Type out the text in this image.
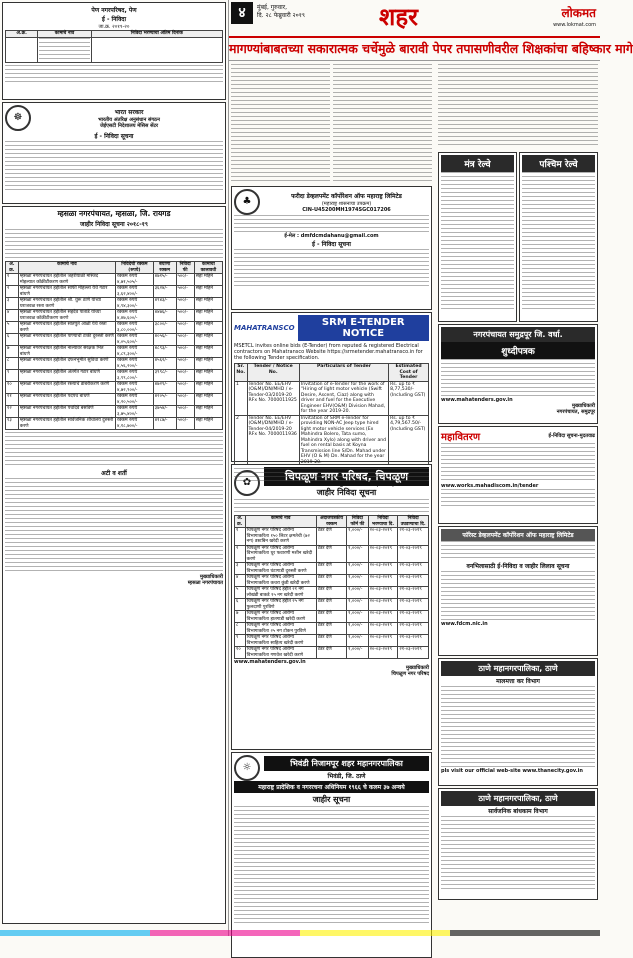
पेण नगरपरिषद, पेण
ई - निविदा
जा.क्र. २०१९-२०
अ.क्र.	कामाचे नाव	निविदा भरण्याचा अंतिम दिनांक

☸	भारत सरकार
भारतीय अंतरिक्ष अनुसंधान संगठन
जेईएसटी निदेशालय मेसिस सेंटर
ई - निविदा सूचना
म्हसळा नगरपंचायत, म्हसळा, जि. रायगड
जाहीर निविदा सूचना २०१८-१९
अ. क्र.	कामाचे नाव	निविदेची रक्कम (रुपये)	बयाणा रक्कम	निविदा फी	कामाचा कालावधी
१	म्हसळा नगरपंचायत हद्दीतील जहरीयाळी मस्जिद मोहल्यात कॉक्रीटीकरण करणे	रक्कम रुपये ४,७१,५०५/-	४७१५/-	५००/-	सहा महिने
२	म्हसळा नगरपंचायत हद्दीतील साफी मोहल्ला येथे गटार बांधणे	रक्कम रुपये ३,६२,४००/-	३६२४/-	५००/-	सहा महिने
३	म्हसळा नगरपंचायत हद्दीतील श्री. धुरू ठाणे यांच्या घराजवळ रस्ता करणे	रक्कम रुपये ४,९४,३००/-	४९४३/-	५००/-	सहा महिने
४	म्हसळा नगरपंचायत हद्दीतील सहदेव पाताडे यांच्या घराजवळ कॉक्रीटीकरण करणे	रक्कम रुपये ४,४७,६००/-	४४७६/-	५००/-	सहा महिने
५	म्हसळा नगरपंचायत हद्दीतील सातपुते आळी येथे रस्ता करणे	रक्कम रुपये ३,८०,०००/-	३८००/-	५००/-	सहा महिने
६	म्हसळा नगरपंचायत हद्दीतील पाण्याची टाकी दुरुस्ती करणे	रक्कम रुपये ४,०५,६००/-	४०५६/-	५००/-	सहा महिने
७	म्हसळा नगरपंचायत हद्दीतील नाल्यावर संरक्षक भिंत बांधणे	रक्कम रुपये ४,८९,३००/-	४८९३/-	५००/-	सहा महिने
८	म्हसळा नगरपंचायत हद्दीतील दफनभूमीत सुविधा करणे	रक्कम रुपये ४,५६,२००/-	४५६२/-	५००/-	सहा महिने
९	म्हसळा नगरपंचायत हद्दीतील अंतर्गत गटार बांधणे	रक्कम रुपये ३,९९,८००/-	३९९८/-	५००/-	सहा महिने
१०	म्हसळा नगरपंचायत हद्दीतील रस्त्याचे डांबरीकरण करणे	रक्कम रुपये ४,७२,९००/-	४७२९/-	५००/-	सहा महिने
११	म्हसळा नगरपंचायत हद्दीतील पदपथ बांधणे	रक्कम रुपये ४,२०,५००/-	४२०५/-	५००/-	सहा महिने
१२	म्हसळा नगरपंचायत हद्दीतील पथदिवे बसविणे	रक्कम रुपये ३,७५,४००/-	३७५४/-	५००/-	सहा महिने
१३	म्हसळा नगरपंचायत हद्दीतील सार्वजनिक शौचालय दुरुस्ती करणे	रक्कम रुपये ४,१८,७००/-	४१८७/-	५००/-	सहा महिने
अटी व शर्ती
मुख्याधिकारी
म्हसळा नगरपंचायत
४	मुंबई, गुरुवार,
दि. २८ फेब्रुवारी २०१९	शहर	लोकमत
www.lokmat.com
मागण्यांबाबतच्या सकारात्मक चर्चेमुळे बारावी पेपर तपासणीवरील शिक्षकांचा बहिष्कार मागे
♣	फरीदा डेव्हलपमेंट कॉर्पोरेशन ऑफ महाराष्ट्र लिमिटेड
(महाराष्ट्र शासनाचा उपक्रम)
CIN-U45200MH1974SGC017206
ई-मेल : dmfdcmdahanu@gmail.com
ई - निविदा सूचना
MAHATRANSCO	SRM E-TENDER NOTICE
MSETCL invites online bids (E-Tender) from reputed & registered Electrical contractors on Mahatransco Website https://srmetender.mahatransco.in for the following Tender specification.
Sr. No.	Tender / Notice No.	Particulars of Tender	Estimated Cost of Tender
1	Tender No. EE/EHV (O&M)/DN/MHD / e-Tender-03/2019-20 RFx No. 7000011925	Invitation of e-Tender for the work of "Hiring of light motor vehicle (Swift Desire, Ascent, Ciaz) along with driver and fuel for the Executive Engineer EHV(O&M) Division Mahad, for the year 2019-20.	Rs. up to ₹ 8,77,530/- (Including GST)
2	Tender No. EE/EHV (O&M)/DN/MHD / e-Tender-04/2019-20 RFx No. 7000011936	Invitation of SRM e-Tender for providing NON-AC Jeep type hired light motor vehicle services (Ex Mahindra Bolero, Tata sumo, Mahindra Xylo) along with driver and fuel on rental basis at Koyna Transmission line S/Dn. Mahad under EHV (O & M) Dn. Mahad for the year 2019-20.	Rs. up to ₹ 4,79,567.50/- (Including GST)
✿	चिपळूण नगर परिषद, चिपळूण
जाहीर निविदा सूचना
अ. क्र.	कामाचे नाव	अंदाजपत्रकीय रक्कम	निविदा फॉर्म फी	निविदा भरण्याचा दि.	निविदा उघडण्याचा दि.
१	चिपळूण नगर परिषद आरोग्य विभागाकरिता १५० लिटर क्षमतेची (७२ नग) डस्टबिन खरेदी करणे	टेंडर देणे	१,०००/-	२०-०३-२०१९	२१-०३-२०१९
२	चिपळूण नगर परिषद आरोग्य विभागाकरिता धूर फवारणी मशीन खरेदी करणे	टेंडर देणे	१,०००/-	२०-०३-२०१९	२१-०३-२०१९
३	चिपळूण नगर परिषद आरोग्य विभागाकरिता घंटागाडी दुरुस्ती करणे	टेंडर देणे	१,०००/-	२०-०३-२०१९	२१-०३-२०१९
४	चिपळूण नगर परिषद आरोग्य विभागाकरिता कचरा कुंडी खरेदी करणे	टेंडर देणे	१,०००/-	२०-०३-२०१९	२१-०३-२०१९
५	चिपळूण नगर परिषद हद्दीत २१ नग लोखंडी बाकडे १५ नग खरेदी करणे	टेंडर देणे	१,०००/-	२०-०३-२०१९	२१-०३-२०१९
६	चिपळूण नगर परिषद हद्दीत २५ नग फुलदाणी पुरविणे	टेंडर देणे	१,०००/-	२०-०३-२०१९	२१-०३-२०१९
७	चिपळूण नगर परिषद आरोग्य विभागाकरिता हातगाडी खरेदी करणे	टेंडर देणे	१,०००/-	२०-०३-२०१९	२१-०३-२०१९
८	चिपळूण नगर परिषद आरोग्य विभागाकरिता २५ नग टोकन पुरविणे	टेंडर देणे	१,०००/-	२०-०३-२०१९	२१-०३-२०१९
९	चिपळूण नगर परिषद आरोग्य विभागाकरिता साहित्य खरेदी करणे	टेंडर देणे	१,०००/-	२०-०३-२०१९	२१-०३-२०१९
१०	चिपळूण नगर परिषद आरोग्य विभागाकरिता गणवेश खरेदी करणे	टेंडर देणे	१,०००/-	२०-०३-२०१९	२१-०३-२०१९
www.mahatenders.gov.in
मुख्याधिकारी
चिपळूण नगर परिषद
☼	भिवंडी निजामपूर शहर महानगरपालिका
भिवंडी, जि. ठाणे
महाराष्ट्र प्रादेशिक व नगररचना अधिनियम १९६६ चे कलम ३७ अन्वये
जाहीर सूचना
मंत्र रेल्वे	पश्चिम रेल्वे
नगरपंचायत समुद्रपूर जि. वर्धा.
शुध्दीपत्रक
www.mahatenders.gov.in
मुख्याधिकारी
नगरपंचायत, समुद्रपूर
महावितरण	ई-निविदा सूचना-मुदतवाढ
www.works.mahadiscom.in/tender
फॉरेस्ट डेव्हलपमेंट कॉर्पोरेशन ऑफ महाराष्ट्र लिमिटेड
वनभिलासाठी ई-निविदा व जाहीर लिलाव सूचना
www.fdcm.nic.in
ठाणे महानगरपालिका, ठाणे
मालमत्ता कर विभाग
pls visit our official web-site www.thanecity.gov.in
ठाणे महानगरपालिका, ठाणे
सार्वजनिक बांधकाम विभाग
